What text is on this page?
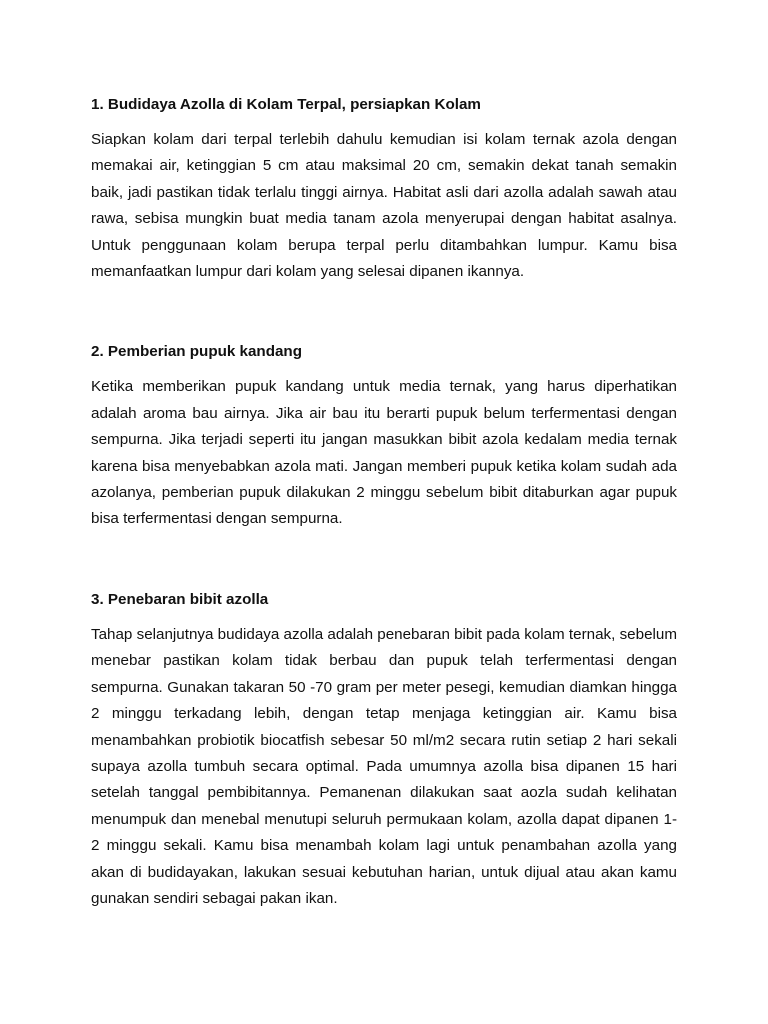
1. Budidaya Azolla di Kolam Terpal, persiapkan Kolam

Siapkan kolam dari terpal terlebih dahulu kemudian isi kolam ternak azola dengan memakai air, ketinggian 5 cm atau maksimal 20 cm, semakin dekat tanah semakin baik, jadi pastikan tidak terlalu tinggi airnya. Habitat asli dari azolla adalah sawah atau rawa, sebisa mungkin buat media tanam azola menyerupai dengan habitat asalnya. Untuk penggunaan kolam berupa terpal perlu ditambahkan lumpur. Kamu bisa memanfaatkan lumpur dari kolam yang selesai dipanen ikannya.

2. Pemberian pupuk kandang

Ketika memberikan pupuk kandang untuk media ternak, yang harus diperhatikan adalah aroma bau airnya. Jika air bau itu berarti pupuk belum terfermentasi dengan sempurna. Jika terjadi seperti itu jangan masukkan bibit azola kedalam media ternak karena bisa menyebabkan azola mati. Jangan memberi pupuk ketika kolam sudah ada azolanya, pemberian pupuk dilakukan 2 minggu sebelum bibit ditaburkan agar pupuk bisa terfermentasi dengan sempurna.

3. Penebaran bibit azolla

Tahap selanjutnya budidaya azolla adalah penebaran bibit pada kolam ternak, sebelum menebar pastikan kolam tidak berbau dan pupuk telah terfermentasi dengan sempurna. Gunakan takaran 50 -70 gram per meter pesegi, kemudian diamkan hingga 2 minggu terkadang lebih, dengan tetap menjaga ketinggian air. Kamu bisa menambahkan probiotik biocatfish sebesar 50 ml/m2 secara rutin setiap 2 hari sekali supaya azolla tumbuh secara optimal. Pada umumnya azolla bisa dipanen 15 hari setelah tanggal pembibitannya. Pemanenan dilakukan saat aozla sudah kelihatan menumpuk dan menebal menutupi seluruh permukaan kolam, azolla dapat dipanen 1-2 minggu sekali. Kamu bisa menambah kolam lagi untuk penambahan azolla yang akan di budidayakan, lakukan sesuai kebutuhan harian, untuk dijual atau akan kamu gunakan sendiri sebagai pakan ikan.
